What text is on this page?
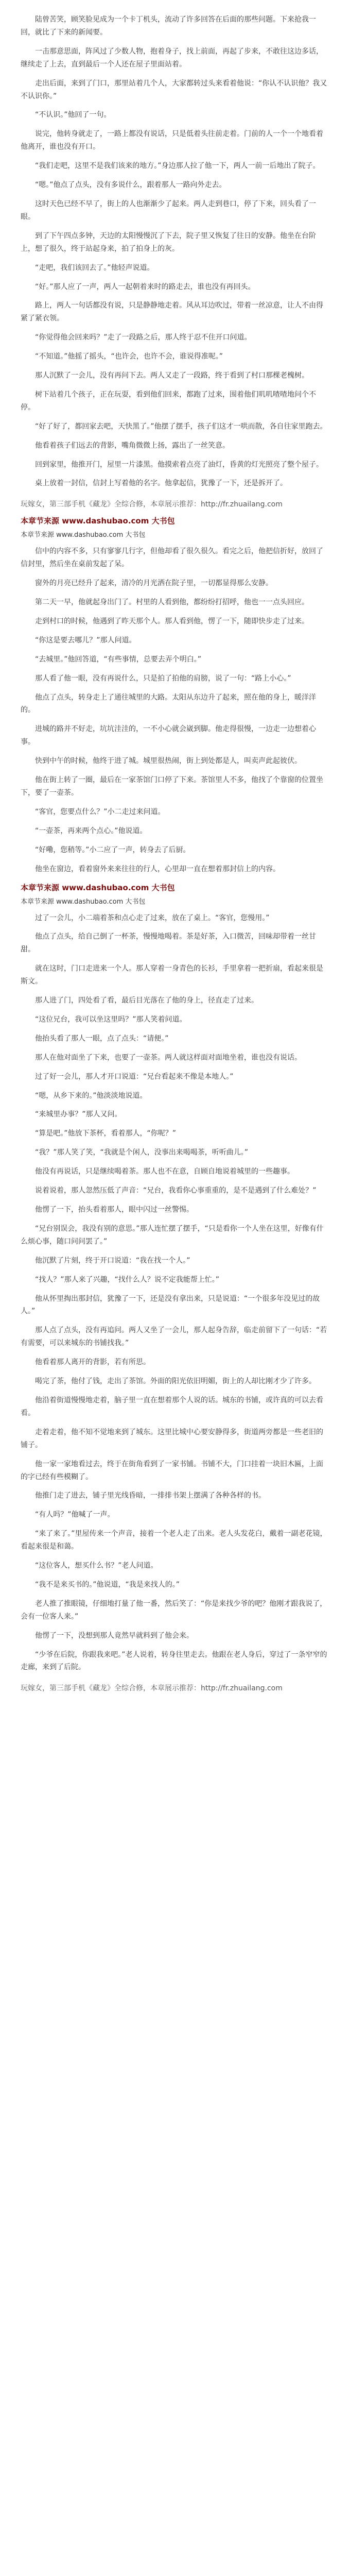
陆曾苦笑，顾笑脸见成为一个卡丁机头，流动了许多回答在后面的那些问题。下来抢我一回，就比了下来的新闻要。

一击那意思面，阵风过了少数人物，抱着身子，找上前面，再起了步来，不敢往这边多话，继续走了上去，直到最后一个人还在屋子里面站着。

走出后面，来到了门口，那里站着几个人，大家都转过头来看着他说：“你认不认识他？我又不认识你。”

“不认识。”他回了一句。

说完，他转身就走了，一路上都没有说话，只是低着头往前走着。门前的人一个一个地看着他离开，谁也没有开口。

“我们走吧，这里不是我们该来的地方。”身边那人拉了他一下，两人一前一后地出了院子。

“嗯。”他点了点头，没有多说什么，跟着那人一路向外走去。

这时天色已经不早了，街上的人也渐渐少了起来。两人走到巷口，停了下来，回头看了一眼。

到了下午四点多钟，天边的太阳慢慢沉了下去，院子里又恢复了往日的安静。他坐在台阶上，想了很久，终于站起身来，拍了拍身上的灰。

“走吧，我们该回去了。”他轻声说道。

“好。”那人应了一声，两人一起朝着来时的路走去，谁也没有再回头。

路上，两人一句话都没有说，只是静静地走着。风从耳边吹过，带着一丝凉意，让人不由得紧了紧衣领。

“你觉得他会回来吗？”走了一段路之后，那人终于忍不住开口问道。

“不知道。”他摇了摇头，“也许会，也许不会，谁说得准呢。”

那人沉默了一会儿，没有再问下去。两人又走了一段路，终于看到了村口那棵老槐树。

树下站着几个孩子，正在玩耍，看到他们回来，都跑了过来，围着他们叽叽喳喳地问个不停。

“好了好了，都回家去吧，天快黑了。”他摆了摆手，孩子们这才一哄而散，各自往家里跑去。

他看着孩子们远去的背影，嘴角微微上扬，露出了一丝笑意。

回到家里，他推开门，屋里一片漆黑。他摸索着点亮了油灯，昏黄的灯光照亮了整个屋子。

桌上放着一封信，信封上写着他的名字。他拿起信，犹豫了一下，还是拆开了。

玩嫁女，第三部手机《藏龙》全综合修，本章展示推荐：http://fr.zhuailang.com

本章节来源 www.dashubao.com 大书包

本章节来源 www.dashubao.com 大书包

信中的内容不多，只有寥寥几行字，但他却看了很久很久。看完之后，他把信折好，放回了信封里，然后坐在桌前发起了呆。

窗外的月亮已经升了起来，清冷的月光洒在院子里，一切都显得那么安静。

第二天一早，他就起身出门了。村里的人看到他，都纷纷打招呼，他也一一点头回应。

走到村口的时候，他遇到了昨天那个人。那人看到他，愣了一下，随即快步走了过来。

“你这是要去哪儿？”那人问道。

“去城里。”他回答道，“有些事情，总要去弄个明白。”

那人看了他一眼，没有再说什么，只是拍了拍他的肩膀，说了一句：“路上小心。”

他点了点头，转身走上了通往城里的大路。太阳从东边升了起来，照在他的身上，暖洋洋的。

进城的路并不好走，坑坑洼洼的，一不小心就会崴到脚。他走得很慢，一边走一边想着心事。

快到中午的时候，他终于进了城。城里很热闹，街上到处都是人，叫卖声此起彼伏。

他在街上转了一圈，最后在一家茶馆门口停了下来。茶馆里人不多，他找了个靠窗的位置坐下，要了一壶茶。

“客官，您要点什么？”小二走过来问道。

“一壶茶，再来两个点心。”他说道。

“好嘞，您稍等。”小二应了一声，转身去了后厨。

他坐在窗边，看着窗外来来往往的行人，心里却一直在想着那封信上的内容。

本章节来源 www.dashubao.com 大书包

本章节来源 www.dashubao.com 大书包

过了一会儿，小二端着茶和点心走了过来，放在了桌上。“客官，您慢用。”

他点了点头，给自己倒了一杯茶，慢慢地喝着。茶是好茶，入口微苦，回味却带着一丝甘甜。

就在这时，门口走进来一个人。那人穿着一身青色的长衫，手里拿着一把折扇，看起来很是斯文。

那人进了门，四处看了看，最后目光落在了他的身上，径直走了过来。

“这位兄台，我可以坐这里吗？”那人笑着问道。

他抬头看了那人一眼，点了点头：“请便。”

那人在他对面坐了下来，也要了一壶茶。两人就这样面对面地坐着，谁也没有说话。

过了好一会儿，那人才开口说道：“兄台看起来不像是本地人。”

“嗯，从乡下来的。”他淡淡地说道。

“来城里办事？”那人又问。

“算是吧。”他放下茶杯，看着那人，“你呢？”

“我？”那人笑了笑，“我就是个闲人，没事出来喝喝茶，听听曲儿。”

他没有再说话，只是继续喝着茶。那人也不在意，自顾自地说着城里的一些趣事。

说着说着，那人忽然压低了声音：“兄台，我看你心事重重的，是不是遇到了什么难处？”

他愣了一下，抬头看着那人，眼中闪过一丝警惕。

“兄台别误会，我没有别的意思。”那人连忙摆了摆手，“只是看你一个人坐在这里，好像有什么烦心事，随口问问罢了。”

他沉默了片刻，终于开口说道：“我在找一个人。”

“找人？”那人来了兴趣，“找什么人？说不定我能帮上忙。”

他从怀里掏出那封信，犹豫了一下，还是没有拿出来，只是说道：“一个很多年没见过的故人。”

那人点了点头，没有再追问。两人又坐了一会儿，那人起身告辞，临走前留下了一句话：“若有需要，可以来城东的书铺找我。”

他看着那人离开的背影，若有所思。

喝完了茶，他付了钱，走出了茶馆。外面的阳光依旧明媚，街上的人却比刚才少了许多。

他沿着街道慢慢地走着，脑子里一直在想着那个人说的话。城东的书铺，或许真的可以去看看。

走着走着，他不知不觉地来到了城东。这里比城中心要安静得多，街道两旁都是一些老旧的铺子。

他一家一家地看过去，终于在街角看到了一家书铺。书铺不大，门口挂着一块旧木匾，上面的字已经有些模糊了。

他推门走了进去，铺子里光线昏暗，一排排书架上摆满了各种各样的书。

“有人吗？”他喊了一声。

“来了来了。”里屋传来一个声音，接着一个老人走了出来。老人头发花白，戴着一副老花镜，看起来很是和蔼。

“这位客人，想买什么书？”老人问道。

“我不是来买书的。”他说道，“我是来找人的。”

老人推了推眼镜，仔细地打量了他一番，然后笑了：“你是来找少爷的吧？他刚才跟我说了，会有一位客人来。”

他愣了一下，没想到那人竟然早就料到了他会来。

“少爷在后院，你跟我来吧。”老人说着，转身往里走去。他跟在老人身后，穿过了一条窄窄的走廊，来到了后院。

玩嫁女，第三部手机《藏龙》全综合修，本章展示推荐：http://fr.zhuailang.com
